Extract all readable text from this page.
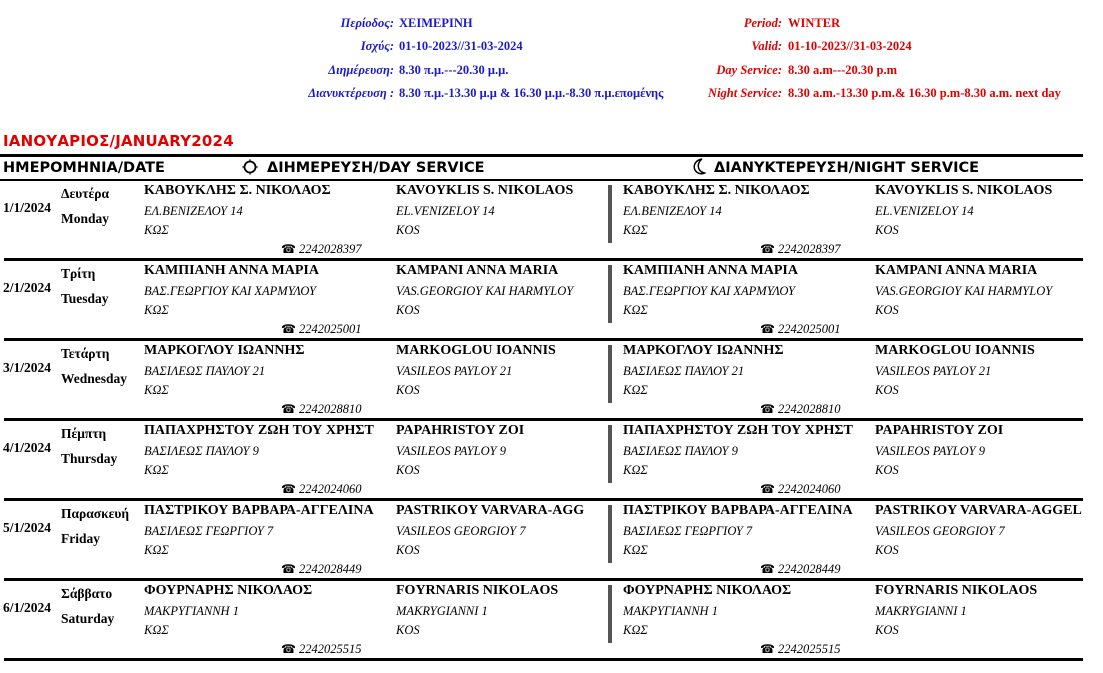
Περίοδος:
Ισχύς:
Διημέρευση:
Διανυκτέρευση :
ΧΕΙΜΕΡΙΝΗ
01-10-2023//31-03-2024
8.30 π.μ.---20.30 μ.μ.
8.30 π.μ.-13.30 μ.μ & 16.30 μ.μ.-8.30 π.μ.επομένης
Period:
Valid:
Day Service:
Night Service:
WINTER
01-10-2023//31-03-2024
8.30 a.m---20.30 p.m
8.30 a.m.-13.30 p.m.& 16.30 p.m-8.30 a.m. next day
ΙΑΝΟΥΑΡΙΟΣ/JANUARY2024
ΗΜΕΡΟΜΗΝΙΑ/DATE	ΔΙΗΜΕΡΕΥΣΗ/DAY SERVICE	ΔΙΑΝΥΚΤΕΡΕΥΣΗ/NIGHT SERVICE
1/1/2024
Δευτέρα
Monday
ΚΑΒΟΥΚΛΗΣ Σ. ΝΙΚΟΛΑΟΣ
ΕΛ.ΒΕΝΙΖΕΛΟΥ 14
ΚΩΣ
KAVOYKLIS S. NIKOLAOS
EL.VENIZELOY 14
KOS
☎ 2242028397
ΚΑΒΟΥΚΛΗΣ Σ. ΝΙΚΟΛΑΟΣ
ΕΛ.ΒΕΝΙΖΕΛΟΥ 14
ΚΩΣ
KAVOYKLIS S. NIKOLAOS
EL.VENIZELOY 14
KOS
☎ 2242028397
2/1/2024
Τρίτη
Tuesday
ΚΑΜΠΙΑΝΗ ΑΝΝΑ ΜΑΡΙΑ
ΒΑΣ.ΓΕΩΡΓΙΟΥ ΚΑΙ ΧΑΡΜΥΛΟΥ
ΚΩΣ
KAMPANI ANNA MARIA
VAS.GEORGIOY KAI HARMYLOY
KOS
☎ 2242025001
ΚΑΜΠΙΑΝΗ ΑΝΝΑ ΜΑΡΙΑ
ΒΑΣ.ΓΕΩΡΓΙΟΥ ΚΑΙ ΧΑΡΜΥΛΟΥ
ΚΩΣ
KAMPANI ANNA MARIA
VAS.GEORGIOY KAI HARMYLOY
KOS
☎ 2242025001
3/1/2024
Τετάρτη
Wednesday
ΜΑΡΚΟΓΛΟΥ ΙΩΑΝΝΗΣ
ΒΑΣΙΛΕΩΣ ΠΑΥΛΟΥ 21
ΚΩΣ
MARKOGLOU IOANNIS
VASILEOS PAYLOY 21
KOS
☎ 2242028810
ΜΑΡΚΟΓΛΟΥ ΙΩΑΝΝΗΣ
ΒΑΣΙΛΕΩΣ ΠΑΥΛΟΥ 21
ΚΩΣ
MARKOGLOU IOANNIS
VASILEOS PAYLOY 21
KOS
☎ 2242028810
4/1/2024
Πέμπτη
Thursday
ΠΑΠΑΧΡΗΣΤΟΥ ΖΩΗ ΤΟΥ ΧΡΗΣΤ
ΒΑΣΙΛΕΩΣ ΠΑΥΛΟΥ 9
ΚΩΣ
PAPAHRISTOY ZOI
VASILEOS PAYLOY 9
KOS
☎ 2242024060
ΠΑΠΑΧΡΗΣΤΟΥ ΖΩΗ ΤΟΥ ΧΡΗΣΤ
ΒΑΣΙΛΕΩΣ ΠΑΥΛΟΥ 9
ΚΩΣ
PAPAHRISTOY ZOI
VASILEOS PAYLOY 9
KOS
☎ 2242024060
5/1/2024
Παρασκευή
Friday
ΠΑΣΤΡΙΚΟΥ ΒΑΡΒΑΡΑ-ΑΓΓΕΛΙΝΑ
ΒΑΣΙΛΕΩΣ ΓΕΩΡΓΙΟΥ 7
ΚΩΣ
PASTRIKOY VARVARA-AGG
VASILEOS GEORGIOY 7
KOS
☎ 2242028449
ΠΑΣΤΡΙΚΟΥ ΒΑΡΒΑΡΑ-ΑΓΓΕΛΙΝΑ
ΒΑΣΙΛΕΩΣ ΓΕΩΡΓΙΟΥ 7
ΚΩΣ
PASTRIKOY VARVARA-AGGEL
VASILEOS GEORGIOY 7
KOS
☎ 2242028449
6/1/2024
Σάββατο
Saturday
ΦΟΥΡΝΑΡΗΣ ΝΙΚΟΛΑΟΣ
ΜΑΚΡΥΓΙΑΝΝΗ 1
ΚΩΣ
FOYRNARIS NIKOLAOS
MAKRYGIANNI 1
KOS
☎ 2242025515
ΦΟΥΡΝΑΡΗΣ ΝΙΚΟΛΑΟΣ
ΜΑΚΡΥΓΙΑΝΝΗ 1
ΚΩΣ
FOYRNARIS NIKOLAOS
MAKRYGIANNI 1
KOS
☎ 2242025515
